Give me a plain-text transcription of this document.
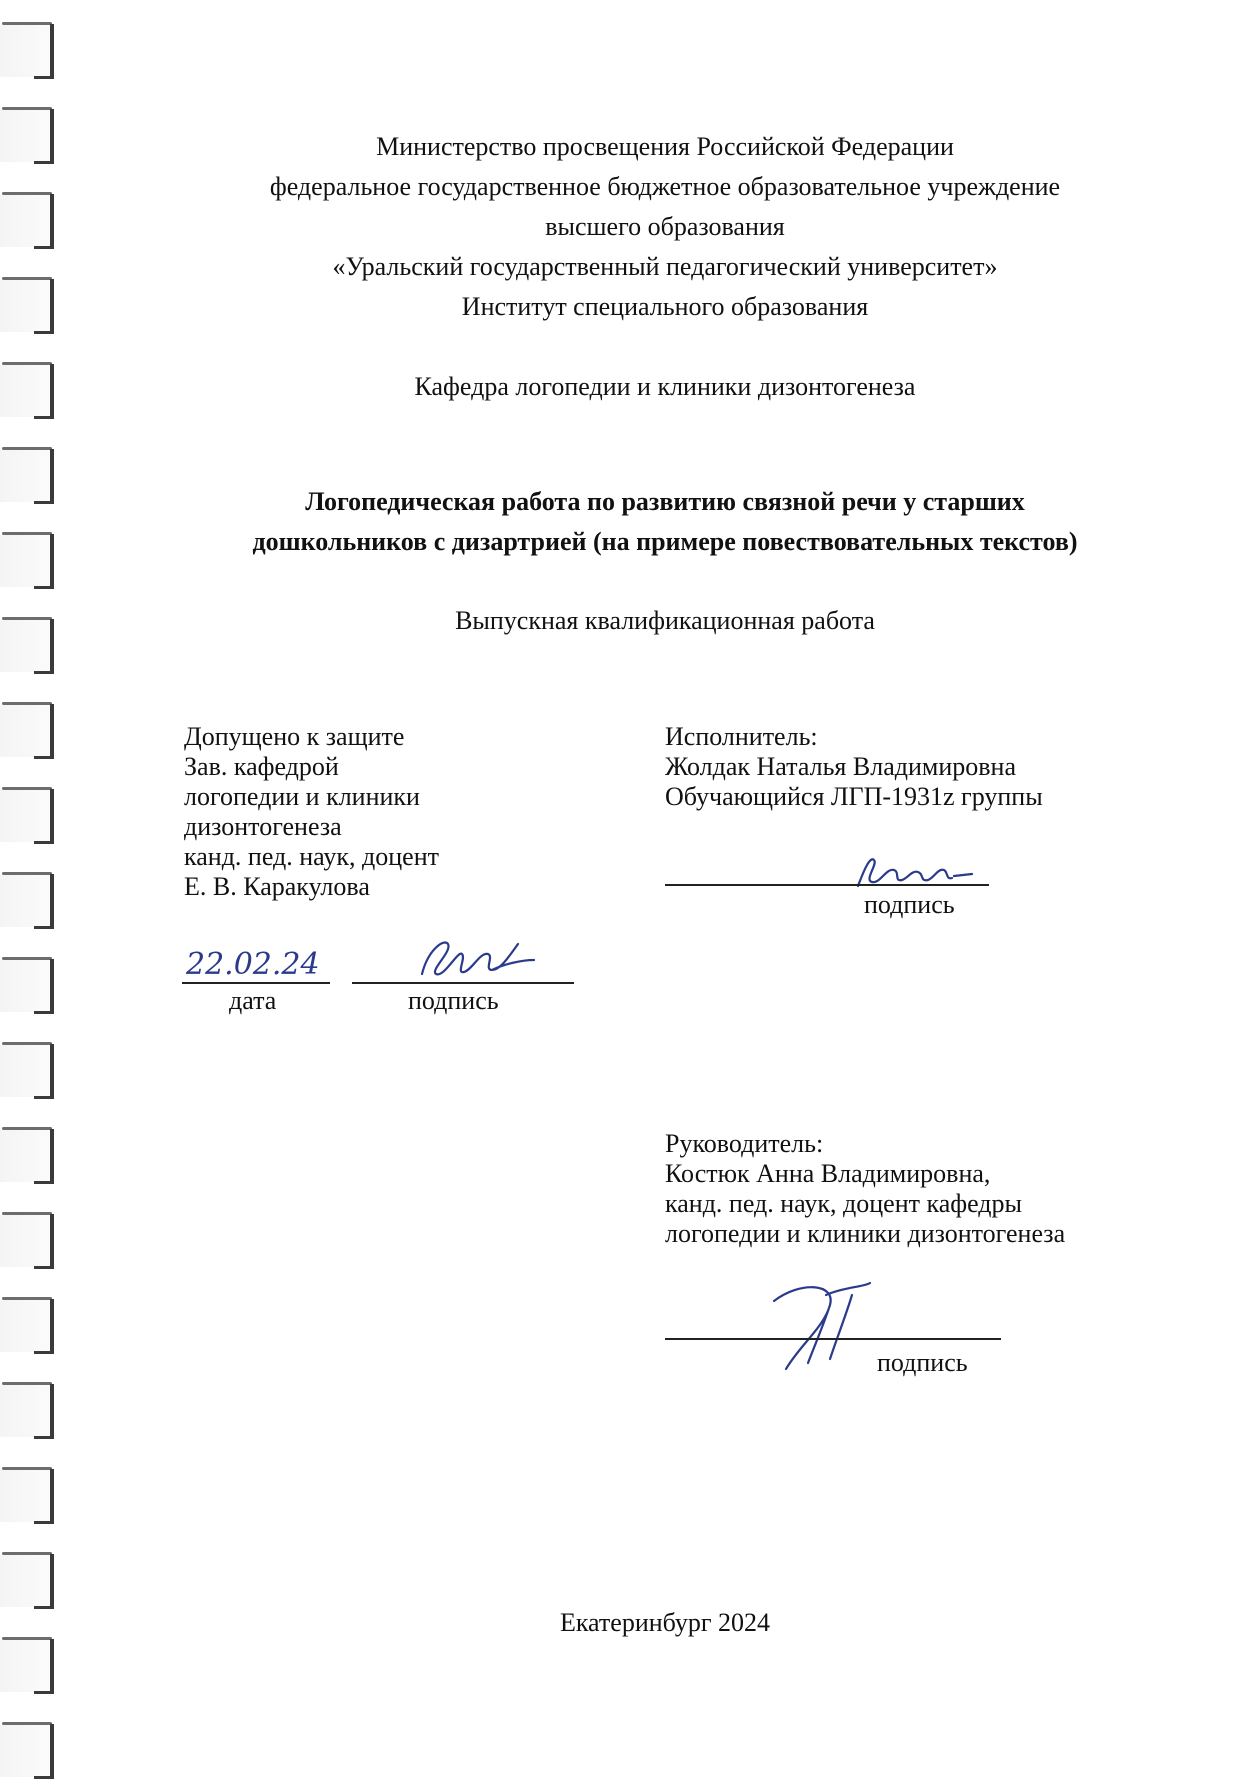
Министерство просвещения Российской Федерации
федеральное государственное бюджетное образовательное учреждение
высшего образования
«Уральский государственный педагогический университет»
Институт специального образования
Кафедра логопедии и клиники дизонтогенеза
Логопедическая работа по развитию связной речи у старших
дошкольников с дизартрией (на примере повествовательных текстов)
Выпускная квалификационная работа
Допущено к защите
Зав. кафедрой
логопедии и клиники
дизонтогенеза
канд. пед. наук, доцент
Е. В. Каракулова
22.02.24
дата	подпись
Исполнитель:
Жолдак Наталья Владимировна
Обучающийся ЛГП-1931z группы
подпись
Руководитель:
Костюк Анна Владимировна,
канд. пед. наук, доцент кафедры
логопедии и клиники дизонтогенеза
подпись
Екатеринбург 2024
